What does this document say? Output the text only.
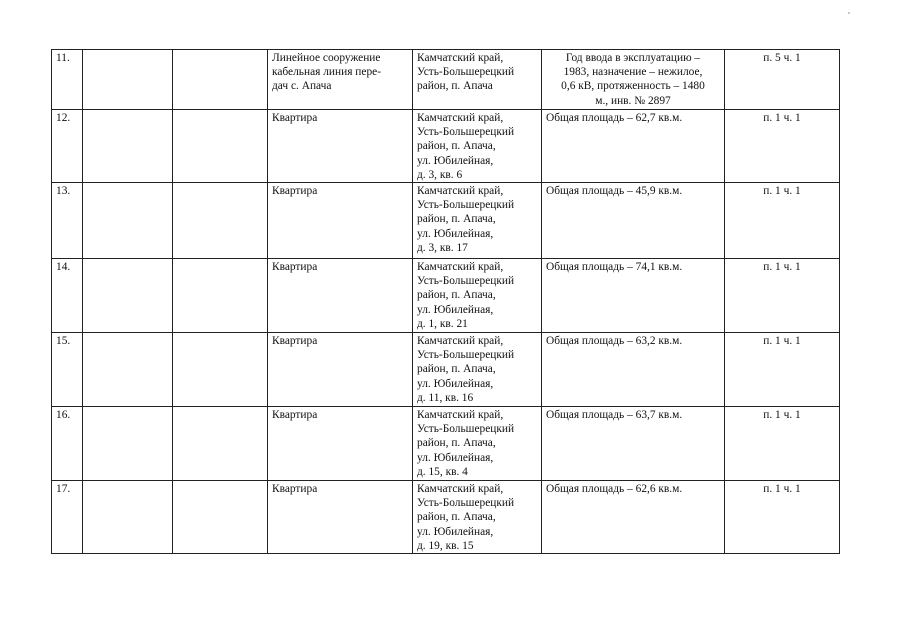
11.			Линейное сооружение
кабельная линия пере-
дач с. Апача	Камчатский край,
Усть-Большерецкий
район, п. Апача	Год ввода в эксплуатацию –
1983, назначение – нежилое,
0,6 кВ, протяженность – 1480
м., инв. № 2897	п. 5 ч. 1
12.			Квартира	Камчатский край,
Усть-Большерецкий
район, п. Апача,
ул. Юбилейная,
д. 3, кв. 6	Общая площадь – 62,7 кв.м.	п. 1 ч. 1
13.			Квартира	Камчатский край,
Усть-Большерецкий
район, п. Апача,
ул. Юбилейная,
д. 3, кв. 17	Общая площадь – 45,9 кв.м.	п. 1 ч. 1
14.			Квартира	Камчатский край,
Усть-Большерецкий
район, п. Апача,
ул. Юбилейная,
д. 1, кв. 21	Общая площадь – 74,1 кв.м.	п. 1 ч. 1
15.			Квартира	Камчатский край,
Усть-Большерецкий
район, п. Апача,
ул. Юбилейная,
д. 11, кв. 16	Общая площадь – 63,2 кв.м.	п. 1 ч. 1
16.			Квартира	Камчатский край,
Усть-Большерецкий
район, п. Апача,
ул. Юбилейная,
д. 15, кв. 4	Общая площадь – 63,7 кв.м.	п. 1 ч. 1
17.			Квартира	Камчатский край,
Усть-Большерецкий
район, п. Апача,
ул. Юбилейная,
д. 19, кв. 15	Общая площадь – 62,6 кв.м.	п. 1 ч. 1
